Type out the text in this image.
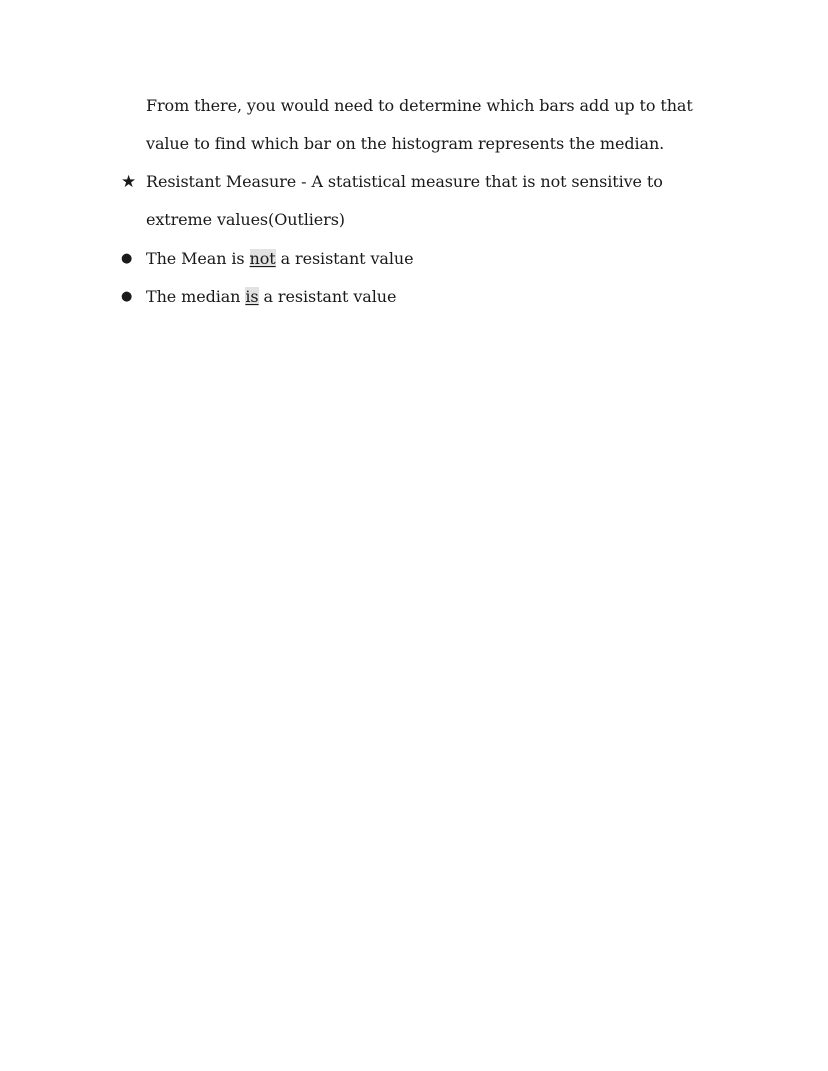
From there, you would need to determine which bars add up to that
value to find which bar on the histogram represents the median.
★ Resistant Measure - A statistical measure that is not sensitive to
extreme values(Outliers)
● The Mean is not a resistant value
● The median is a resistant value
